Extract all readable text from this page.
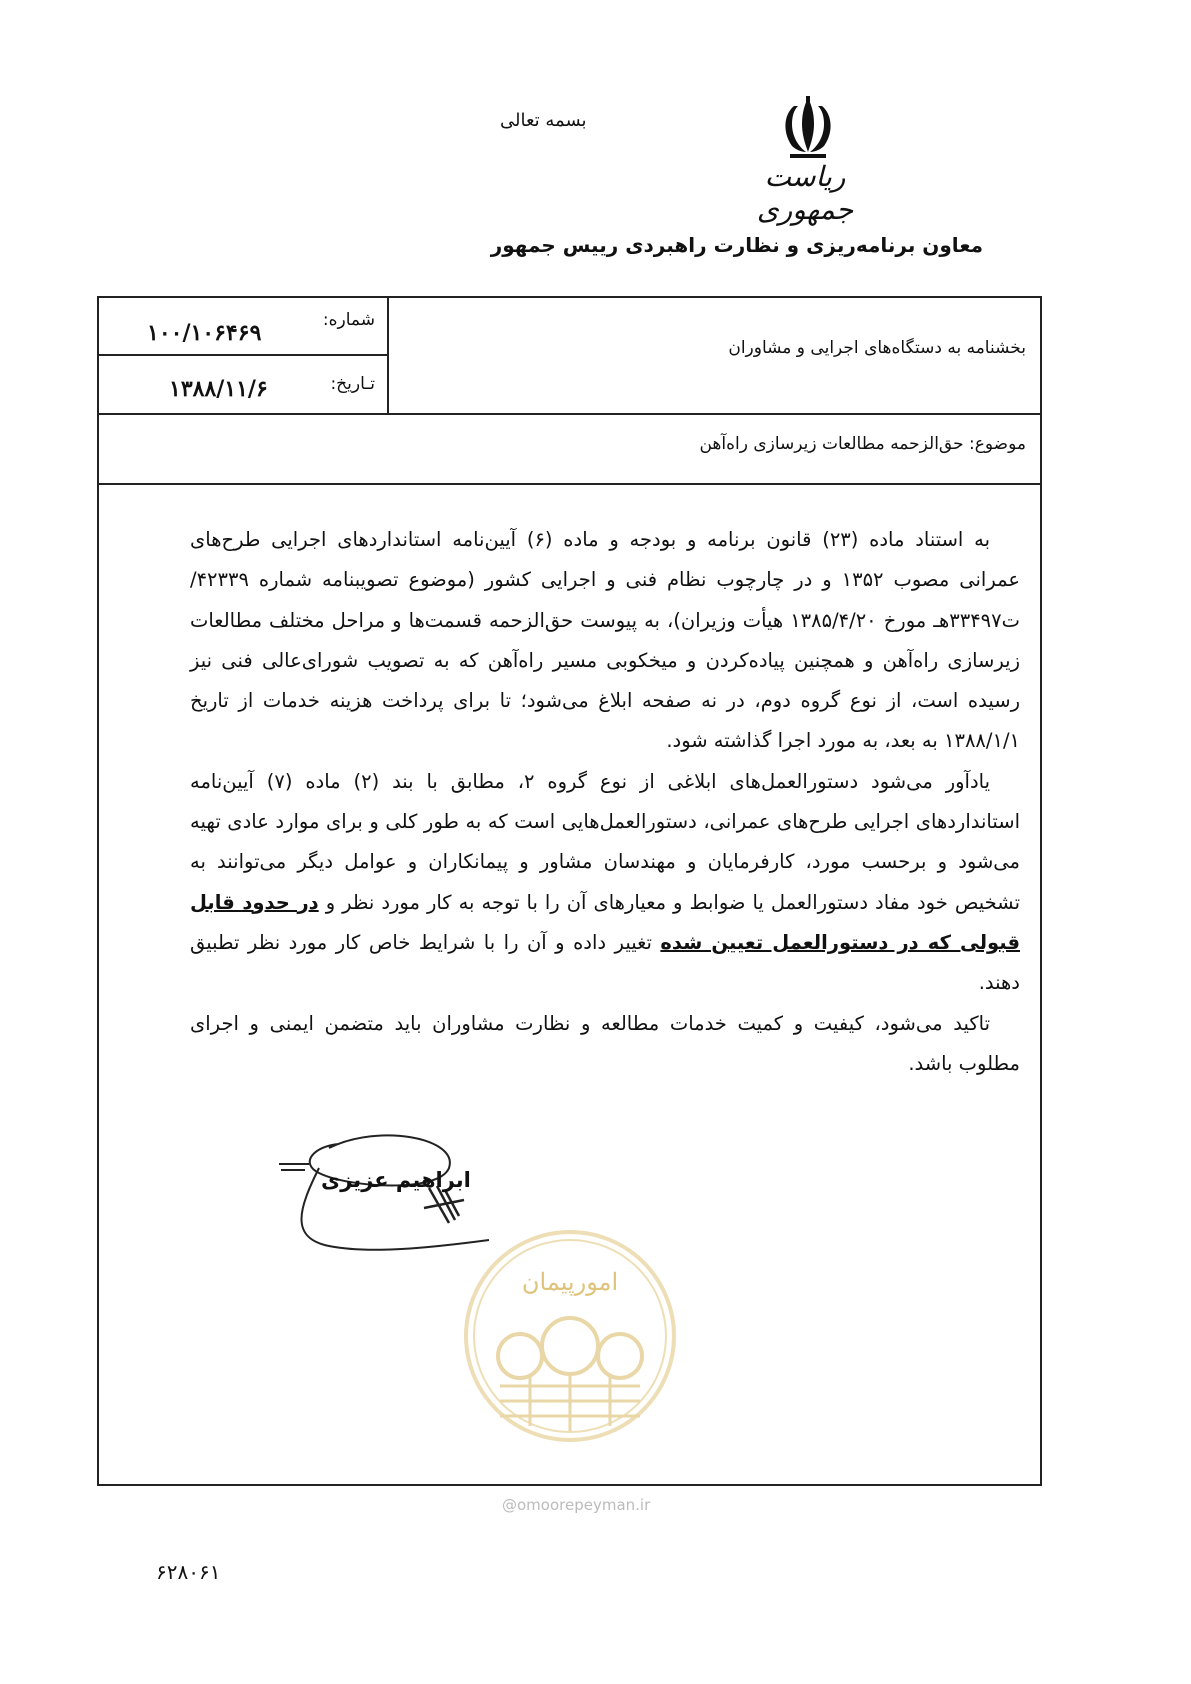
بسمه تعالی
ریاست جمهوری
معاون برنامه‌ریزی و نظارت راهبردی رییس جمهور
شماره:
۱۰۰/۱۰۶۴۶۹
تـاریخ:
۱۳۸۸/۱۱/۶
بخشنامه به دستگاه‌های اجرایی و مشاوران
موضوع: حق‌الزحمه مطالعات زیرسازی راه‌آهن

به استناد ماده (۲۳) قانون برنامه و بودجه و ماده (۶) آیین‌نامه استانداردهای اجرایی طرح‌های عمرانی مصوب ۱۳۵۲ و در چارچوب نظام فنی و اجرایی کشور (موضوع تصویبنامه شماره ۴۲۳۳۹/ت۳۳۴۹۷هـ مورخ ۱۳۸۵/۴/۲۰ هیأت وزیران)، به پیوست حق‌الزحمه قسمت‌ها و مراحل مختلف مطالعات زیرسازی راه‌آهن و همچنین پیاده‌کردن و میخکوبی مسیر راه‌آهن که به تصویب شورای‌عالی فنی نیز رسیده است، از نوع گروه دوم، در نه صفحه ابلاغ می‌شود؛ تا برای پرداخت هزینه خدمات از تاریخ ۱۳۸۸/۱/۱ به بعد، به مورد اجرا گذاشته شود.

یادآور می‌شود دستورالعمل‌های ابلاغی از نوع گروه ۲، مطابق با بند (۲) ماده (۷) آیین‌نامه استانداردهای اجرایی طرح‌های عمرانی، دستورالعمل‌هایی است که به طور کلی و برای موارد عادی تهیه می‌شود و برحسب مورد، کارفرمایان و مهندسان مشاور و پیمانکاران و عوامل دیگر می‌توانند به تشخیص خود مفاد دستورالعمل یا ضوابط و معیارهای آن را با توجه به کار مورد نظر و در حدود قابل قبولی که در دستورالعمل تعیین شده تغییر داده و آن را با شرایط خاص کار مورد نظر تطبیق دهند.

تاکید می‌شود، کیفیت و کمیت خدمات مطالعه و نظارت مشاوران باید متضمن ایمنی و اجرای مطلوب باشد.

ابراهیم عزیزی
امورپیمان
@omoorepeyman.ir
۶۲۸۰۶۱
